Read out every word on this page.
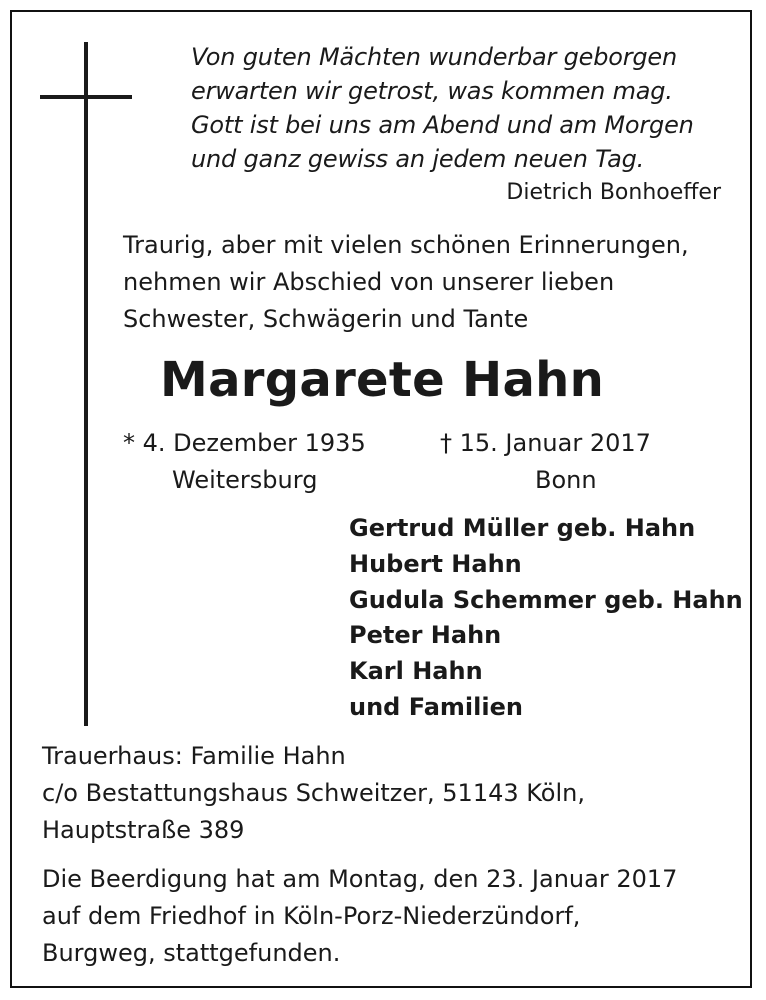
Von guten Mächten wunderbar geborgen
erwarten wir getrost, was kommen mag.
Gott ist bei uns am Abend und am Morgen
und ganz gewiss an jedem neuen Tag.
Dietrich Bonhoeffer
Traurig, aber mit vielen schönen Erinnerungen,
nehmen wir Abschied von unserer lieben
Schwester, Schwägerin und Tante
Margarete Hahn
* 4. Dezember 1935
Weitersburg
† 15. Januar 2017
Bonn
Gertrud Müller geb. Hahn
Hubert Hahn
Gudula Schemmer geb. Hahn
Peter Hahn
Karl Hahn
und Familien
Trauerhaus: Familie Hahn
c/o Bestattungshaus Schweitzer, 51143 Köln,
Hauptstraße 389
Die Beerdigung hat am Montag, den 23. Januar 2017
auf dem Friedhof in Köln-Porz-Niederzündorf,
Burgweg, stattgefunden.
